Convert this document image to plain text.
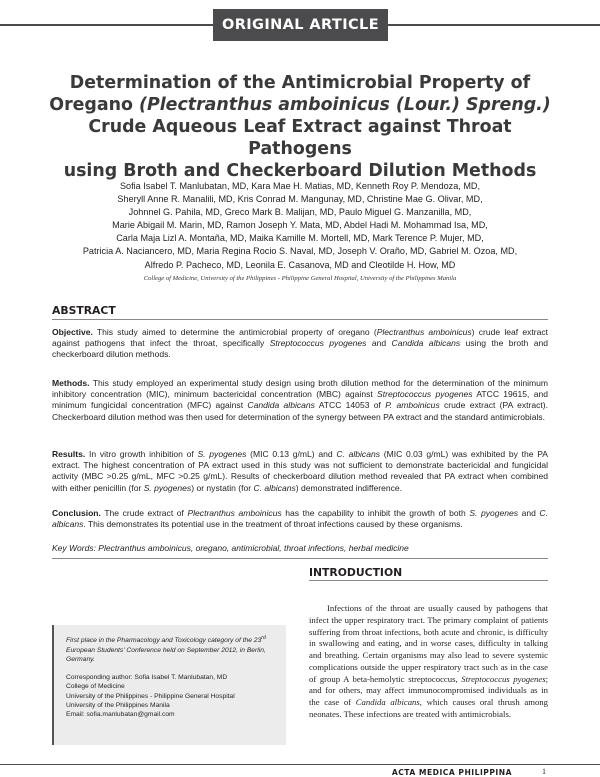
ORIGINAL ARTICLE
Determination of the Antimicrobial Property of
Oregano (Plectranthus amboinicus (Lour.) Spreng.)
Crude Aqueous Leaf Extract against Throat Pathogens
using Broth and Checkerboard Dilution Methods
Sofia Isabel T. Manlubatan, MD, Kara Mae H. Matias, MD, Kenneth Roy P. Mendoza, MD,
Sheryll Anne R. Manalili, MD, Kris Conrad M. Mangunay, MD, Christine Mae G. Olivar, MD,
Johnnel G. Pahila, MD, Greco Mark B. Malijan, MD, Paulo Miguel G. Manzanilla, MD,
Marie Abigail M. Marin, MD, Ramon Joseph Y. Mata, MD, Abdel Hadi M. Mohammad Isa, MD,
Carla Maja Lizl A. Montaña, MD, Maika Kamille M. Mortell, MD, Mark Terence P. Mujer, MD,
Patricia A. Naciancero, MD, Maria Regina Rocio S. Naval, MD, Joseph V. Oraño, MD, Gabriel M. Ozoa, MD,
Alfredo P. Pacheco, MD, Leonila E. Casanova, MD and Cleotilde H. How, MD
College of Medicine, University of the Philippines - Philippine General Hospital, University of the Philippines Manila
ABSTRACT
Objective. This study aimed to determine the antimicrobial property of oregano (Plectranthus amboinicus) crude leaf extract against pathogens that infect the throat, specifically Streptococcus pyogenes and Candida albicans using the broth and checkerboard dilution methods.
Methods. This study employed an experimental study design using broth dilution method for the determination of the minimum inhibitory concentration (MIC), minimum bactericidal concentration (MBC) against Streptococcus pyogenes ATCC 19615, and minimum fungicidal concentration (MFC) against Candida albicans ATCC 14053 of P. amboinicus crude extract (PA extract). Checkerboard dilution method was then used for determination of the synergy between PA extract and the standard antimicrobials.
Results. In vitro growth inhibition of S. pyogenes (MIC 0.13 g/mL) and C. albicans (MIC 0.03 g/mL) was exhibited by the PA extract. The highest concentration of PA extract used in this study was not sufficient to demonstrate bactericidal and fungicidal activity (MBC >0.25 g/mL, MFC >0.25 g/mL). Results of checkerboard dilution method revealed that PA extract when combined with either penicillin (for S. pyogenes) or nystatin (for C. albicans) demonstrated indifference.
Conclusion. The crude extract of Plectranthus amboinicus has the capability to inhibit the growth of both S. pyogenes and C. albicans. This demonstrates its potential use in the treatment of throat infections caused by these organisms.
Key Words: Plectranthus amboinicus, oregano, antimicrobial, throat infections, herbal medicine
INTRODUCTION
Infections of the throat are usually caused by pathogens that infect the upper respiratory tract. The primary complaint of patients suffering from throat infections, both acute and chronic, is difficulty in swallowing and eating, and in worse cases, difficulty in talking and breathing. Certain organisms may also lead to severe systemic complications outside the upper respiratory tract such as in the case of group A beta-hemolytic streptococcus, Streptococcus pyogenes; and for others, may affect immunocompromised individuals as in the case of Candida albicans, which causes oral thrush among neonates. These infections are treated with antimicrobials.
First place in the Pharmacology and Toxicology category of the 23rd European Students' Conference held on September 2012, in Berlin, Germany.
Corresponding author: Sofia Isabel T. Manlubatan, MD
College of Medicine
University of the Philippines - Philippine General Hospital
University of the Philippines Manila
Email: sofia.manlubatan@gmail.com
ACTA MEDICA PHILIPPINA	1
